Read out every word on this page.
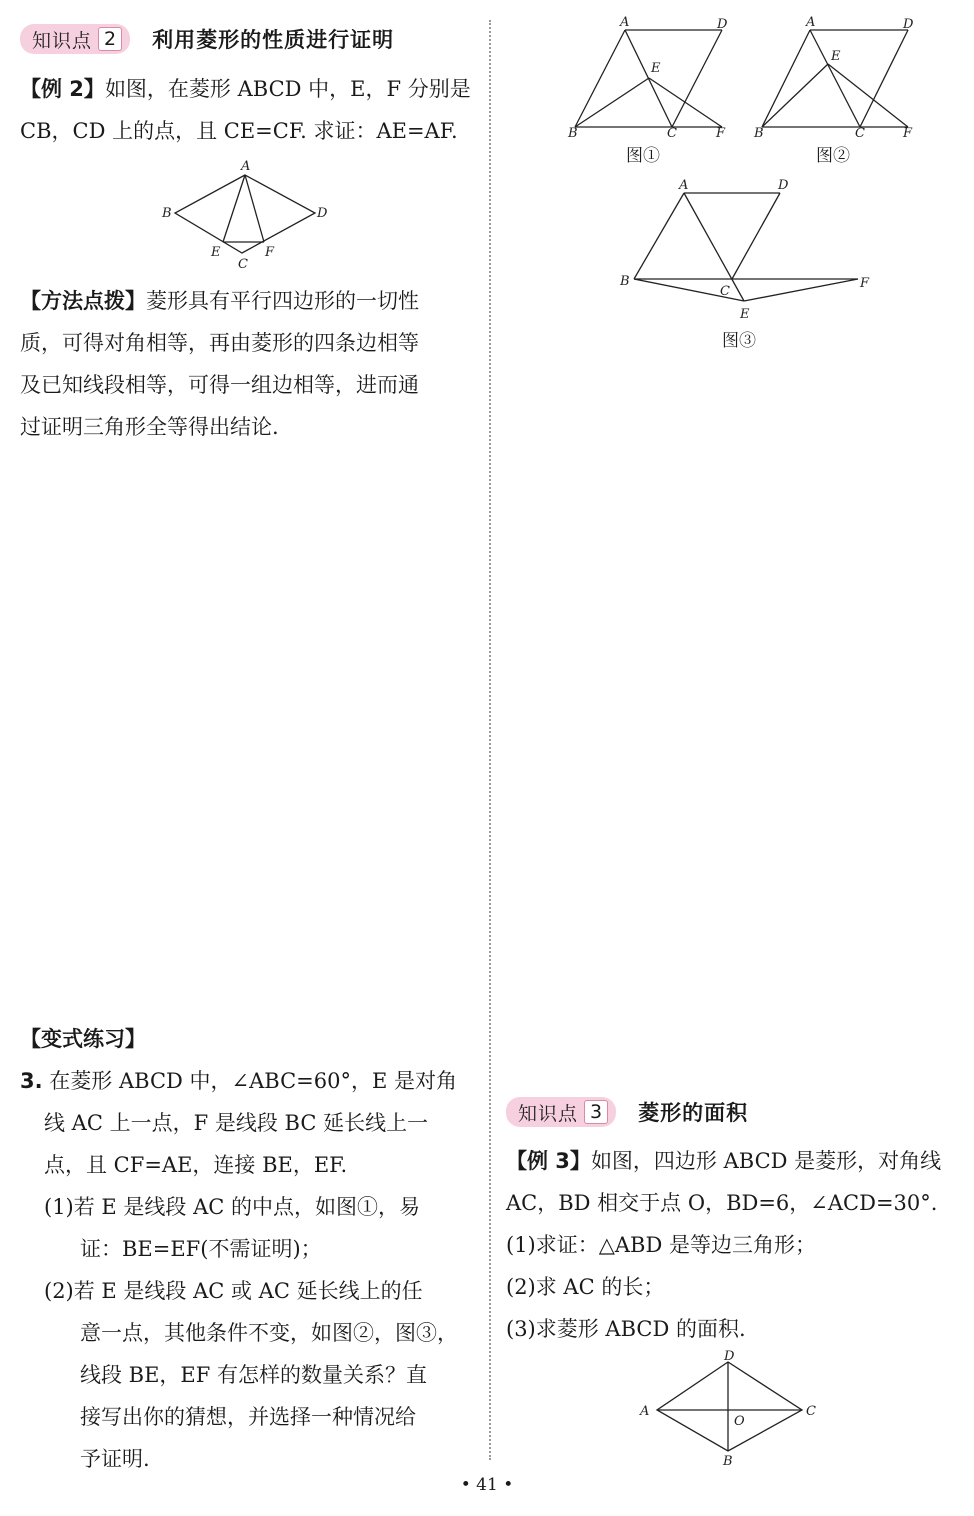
知识点 2 利用菱形的性质进行证明
【例 2】如图，在菱形 ABCD 中，E，F 分别是
CB，CD 上的点，且 CE=CF. 求证：AE=AF.
A
B	D
E	F
C
【方法点拨】菱形具有平行四边形的一切性
质，可得对角相等，再由菱形的四条边相等
及已知线段相等，可得一组边相等，进而通
过证明三角形全等得出结论.
【变式练习】
3. 在菱形 ABCD 中，∠ABC=60°，E 是对角
线 AC 上一点，F 是线段 BC 延长线上一
点，且 CF=AE，连接 BE，EF.
(1)若 E 是线段 AC 的中点，如图①，易
证：BE=EF(不需证明)；
(2)若 E 是线段 AC 或 AC 延长线上的任
意一点，其他条件不变，如图②，图③，
线段 BE，EF 有怎样的数量关系？直
接写出你的猜想，并选择一种情况给
予证明.
A	D
E
B	C	F
图①
A	D
E
B	C	F
图②
A	D
B
C
E
F
图③
知识点 3 菱形的面积
【例 3】如图，四边形 ABCD 是菱形，对角线
AC，BD 相交于点 O，BD=6，∠ACD=30°.
(1)求证：△ABD 是等边三角形；
(2)求 AC 的长；
(3)求菱形 ABCD 的面积.
D
A
O
C
B
• 41 •
